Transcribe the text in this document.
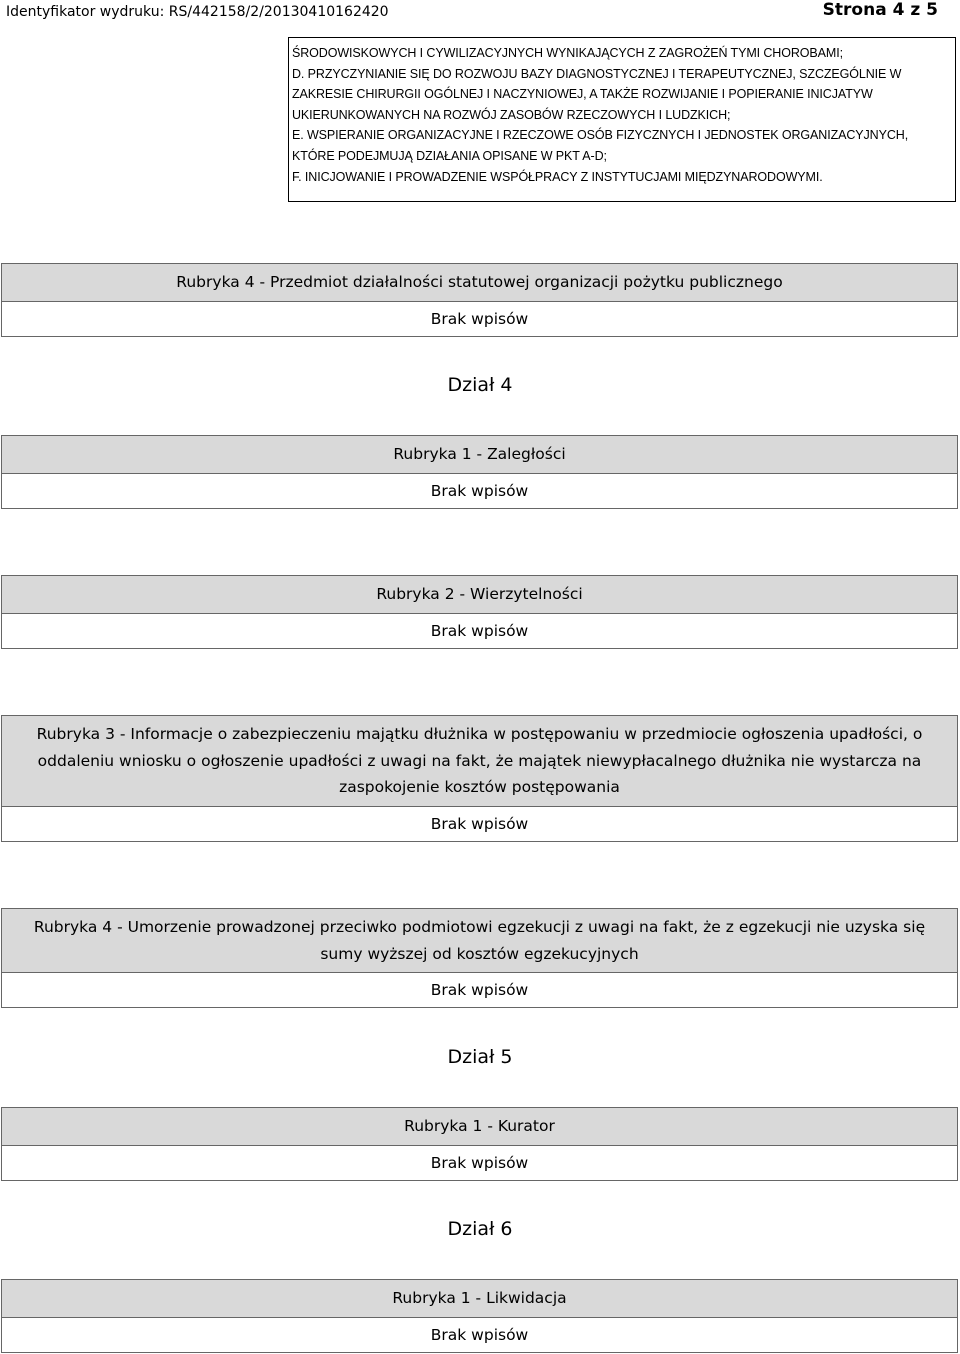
Identyfikator wydruku: RS/442158/2/20130410162420	Strona 4 z 5
ŚRODOWISKOWYCH I CYWILIZACYJNYCH WYNIKAJĄCYCH Z ZAGROŻEŃ TYMI CHOROBAMI;
D. PRZYCZYNIANIE SIĘ DO ROZWOJU BAZY DIAGNOSTYCZNEJ I TERAPEUTYCZNEJ, SZCZEGÓLNIE W
ZAKRESIE CHIRURGII OGÓLNEJ I NACZYNIOWEJ, A TAKŻE ROZWIJANIE I POPIERANIE INICJATYW
UKIERUNKOWANYCH NA ROZWÓJ ZASOBÓW RZECZOWYCH I LUDZKICH;
E. WSPIERANIE ORGANIZACYJNE I RZECZOWE OSÓB FIZYCZNYCH I JEDNOSTEK ORGANIZACYJNYCH,
KTÓRE PODEJMUJĄ DZIAŁANIA OPISANE W PKT A-D;
F. INICJOWANIE I PROWADZENIE WSPÓŁPRACY Z INSTYTUCJAMI MIĘDZYNARODOWYMI.
Rubryka 4 - Przedmiot działalności statutowej organizacji pożytku publicznego
Brak wpisów
Dział 4
Rubryka 1 - Zaległości
Brak wpisów
Rubryka 2 - Wierzytelności
Brak wpisów
Rubryka 3 - Informacje o zabezpieczeniu majątku dłużnika w postępowaniu w przedmiocie ogłoszenia upadłości, o
oddaleniu wniosku o ogłoszenie upadłości z uwagi na fakt, że majątek niewypłacalnego dłużnika nie wystarcza na
zaspokojenie kosztów postępowania
Brak wpisów
Rubryka 4 - Umorzenie prowadzonej przeciwko podmiotowi egzekucji z uwagi na fakt, że z egzekucji nie uzyska się
sumy wyższej od kosztów egzekucyjnych
Brak wpisów
Dział 5
Rubryka 1 - Kurator
Brak wpisów
Dział 6
Rubryka 1 - Likwidacja
Brak wpisów
